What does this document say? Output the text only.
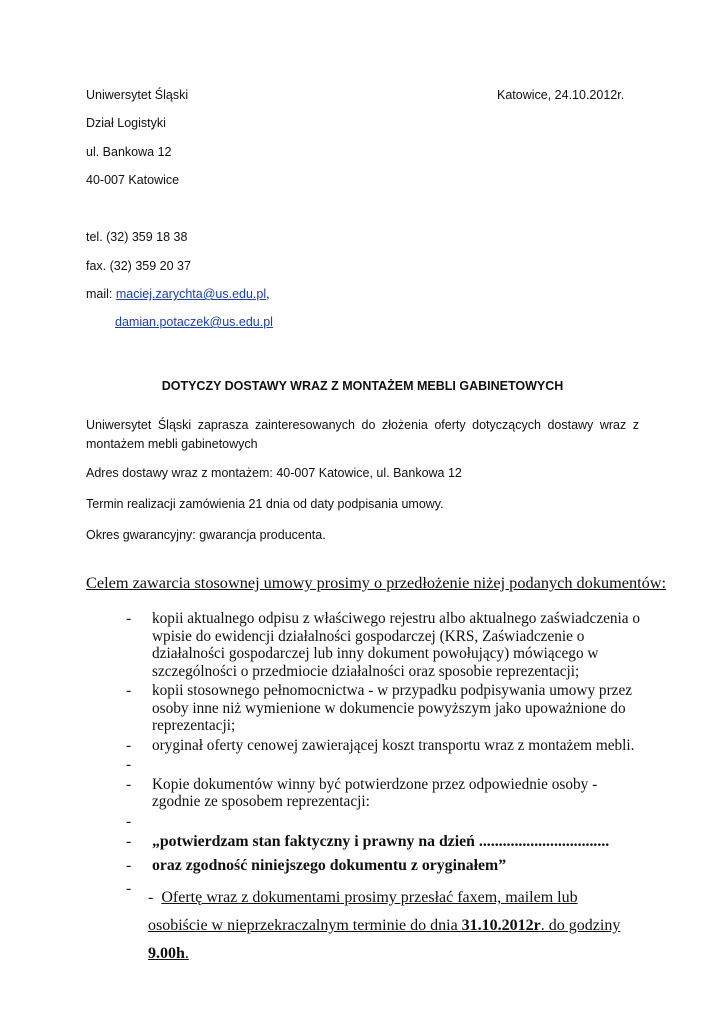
Uniwersytet Śląski	Katowice, 24.10.2012r.
Dział Logistyki
ul. Bankowa 12
40-007 Katowice
tel. (32) 359 18 38
fax. (32) 359 20 37
mail: maciej.zarychta@us.edu.pl,
damian.potaczek@us.edu.pl
DOTYCZY DOSTAWY WRAZ Z MONTAŻEM MEBLI GABINETOWYCH
Uniwersytet Śląski zaprasza zainteresowanych do złożenia oferty dotyczących dostawy wraz z montażem mebli gabinetowych
Adres dostawy wraz z montażem: 40-007 Katowice, ul. Bankowa 12
Termin realizacji zamówienia 21 dnia od daty podpisania umowy.
Okres gwarancyjny: gwarancja producenta.
Celem zawarcia stosownej umowy prosimy o przedłożenie niżej podanych dokumentów:

- kopii aktualnego odpisu z właściwego rejestru albo aktualnego zaświadczenia o wpisie do ewidencji działalności gospodarczej (KRS, Zaświadczenie o działalności gospodarczej lub inny dokument powołujący) mówiącego w szczególności o przedmiocie działalności oraz sposobie reprezentacji;

- kopii stosownego pełnomocnictwa - w przypadku podpisywania umowy przez osoby inne niż wymienione w dokumencie powyższym jako upoważnione do reprezentacji;

- oryginał oferty cenowej zawierającej koszt transportu wraz z montażem mebli.

-

- Kopie dokumentów winny być potwierdzone przez odpowiednie osoby - zgodnie ze sposobem reprezentacji:

-

- „potwierdzam stan faktyczny i prawny na dzień .................................

- oraz zgodność niniejszego dokumentu z oryginałem”

-

- Ofertę wraz z dokumentami prosimy przesłać faxem, mailem lub osobiście w nieprzekraczalnym terminie do dnia 31.10.2012r. do godziny 9.00h.
